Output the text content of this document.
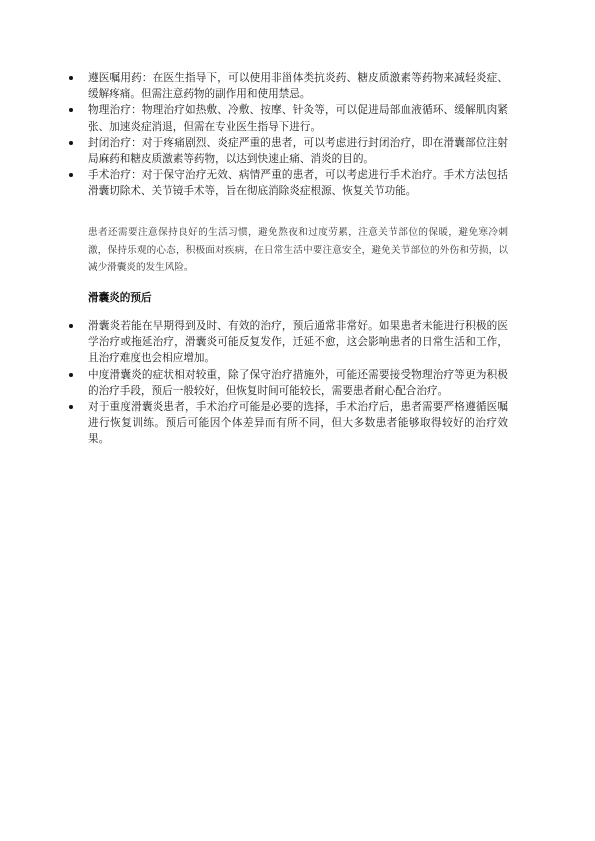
遵医嘱用药：在医生指导下，可以使用非甾体类抗炎药、糖皮质激素等药物来减轻炎症、缓解疼痛。但需注意药物的副作用和使用禁忌。
物理治疗：物理治疗如热敷、冷敷、按摩、针灸等，可以促进局部血液循环、缓解肌肉紧张、加速炎症消退，但需在专业医生指导下进行。
封闭治疗：对于疼痛剧烈、炎症严重的患者，可以考虑进行封闭治疗，即在滑囊部位注射局麻药和糖皮质激素等药物，以达到快速止痛、消炎的目的。
手术治疗：对于保守治疗无效、病情严重的患者，可以考虑进行手术治疗。手术方法包括滑囊切除术、关节镜手术等，旨在彻底消除炎症根源、恢复关节功能。

患者还需要注意保持良好的生活习惯，避免熬夜和过度劳累，注意关节部位的保暖，避免寒冷刺激，保持乐观的心态，积极面对疾病，在日常生活中要注意安全，避免关节部位的外伤和劳损，以减少滑囊炎的发生风险。

滑囊炎的预后
滑囊炎若能在早期得到及时、有效的治疗，预后通常非常好。如果患者未能进行积极的医学治疗或拖延治疗，滑囊炎可能反复发作，迁延不愈，这会影响患者的日常生活和工作，且治疗难度也会相应增加。
中度滑囊炎的症状相对较重，除了保守治疗措施外，可能还需要接受物理治疗等更为积极的治疗手段，预后一般较好，但恢复时间可能较长，需要患者耐心配合治疗。
对于重度滑囊炎患者，手术治疗可能是必要的选择，手术治疗后，患者需要严格遵循医嘱进行恢复训练。预后可能因个体差异而有所不同，但大多数患者能够取得较好的治疗效果。
